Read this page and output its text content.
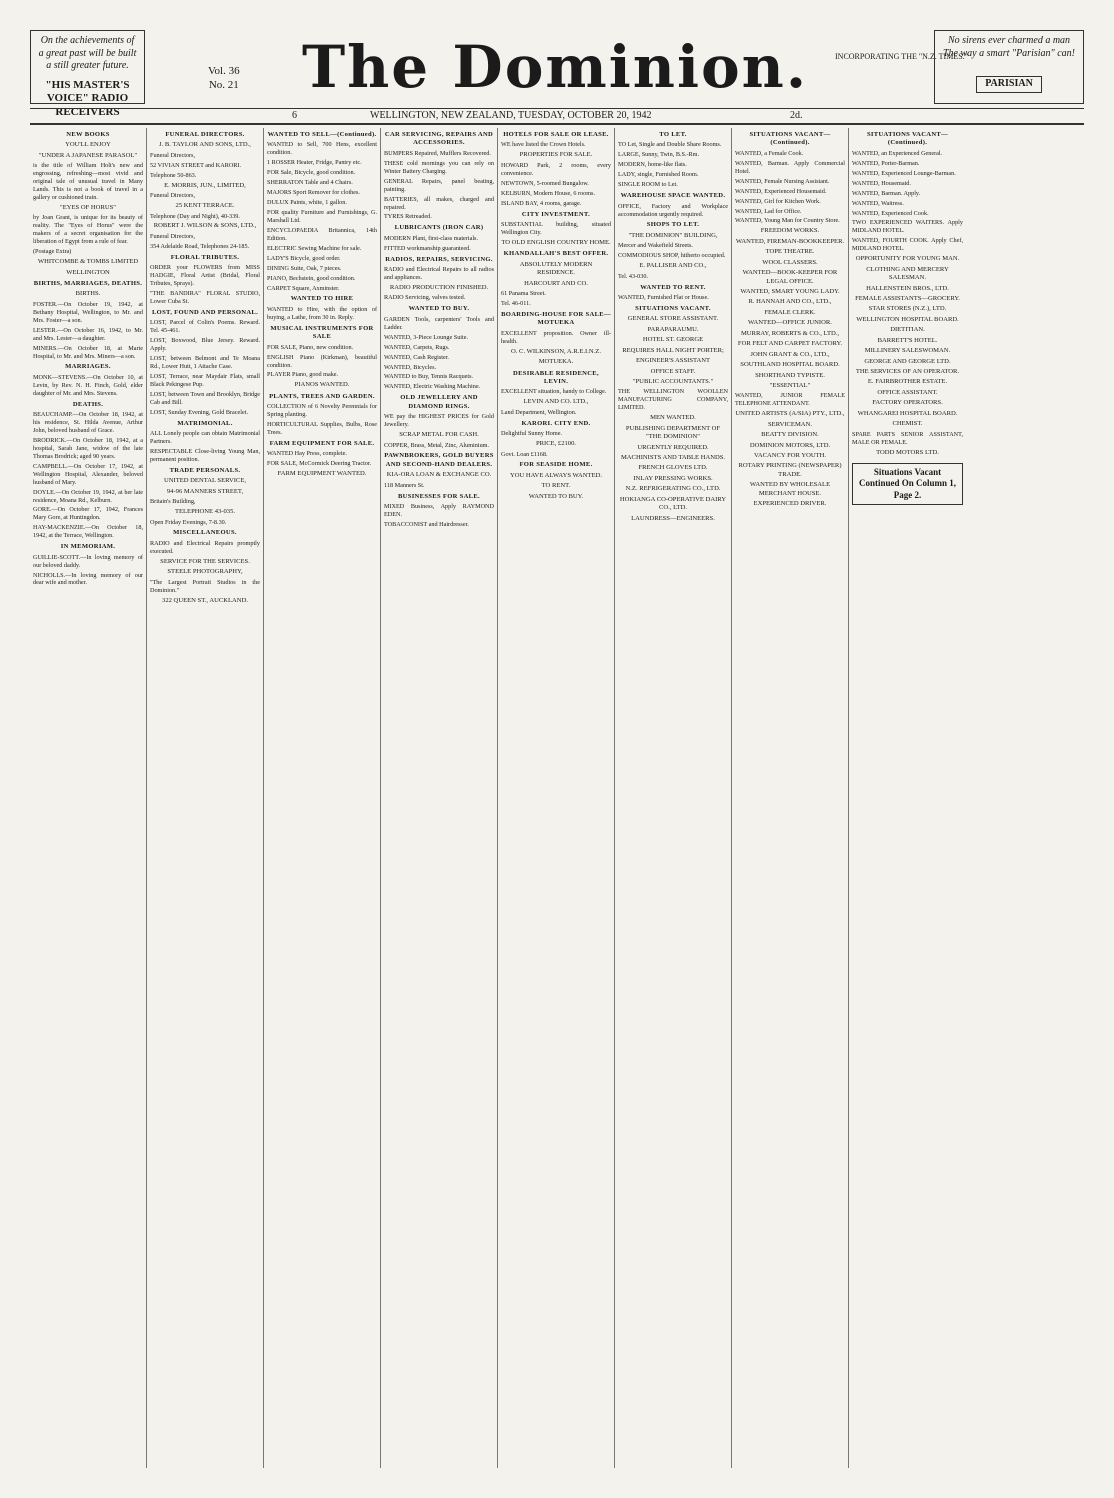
On the achievements of
a great past will be built
a still greater future.
"HIS MASTER'S VOICE" RADIO RECEIVERS
Vol. 36
No. 21 The Dominion.	INCORPORATING THE "N.Z. TIMES."
No sirens ever charmed a man
The way a smart "Parisian" can!
PARISIAN
6	WELLINGTON, NEW ZEALAND, TUESDAY, OCTOBER 20, 1942	2d.
NEW BOOKS
YOU'LL ENJOY
"UNDER A JAPANESE PARASOL"
is the title of William Holt's new and engrossing, refreshing—most vivid and original tale of unusual travel in Many Lands. This is not a book of travel in a gallery or cushioned train.
"EYES OF HORUS"
by Joan Grant, is unique for its beauty of reality. The "Eyes of Horus" were the makers of a secret organisation for the liberation of Egypt from a rule of fear.
(Postage Extra)
WHITCOMBE & TOMBS LIMITED
WELLINGTON
BIRTHS, MARRIAGES, DEATHS.
BIRTHS.
FOSTER.—On October 19, 1942, at Bethany Hospital, Wellington, to Mr. and Mrs. Foster—a son.
LESTER.—On October 16, 1942, to Mr. and Mrs. Lester—a daughter.
MINERS.—On October 18, at Marie Hospital, to Mr. and Mrs. Miners—a son.
MARRIAGES.
MONK—STEVENS.—On October 10, at Levin, by Rev. N. H. Finch, Gold, elder daughter of Mr. and Mrs. Stevens.
DEATHS.
BEAUCHAMP.—On October 18, 1942, at his residence, St. Hilda Avenue, Arthur John, beloved husband of Grace.
BRODRICK.—On October 18, 1942, at a hospital, Sarah Jane, widow of the late Thomas Brodrick; aged 90 years.
CAMPBELL.—On October 17, 1942, at Wellington Hospital, Alexander, beloved husband of Mary.
DOYLE.—On October 19, 1942, at her late residence, Moana Rd., Kelburn.
GORE.—On October 17, 1942, Frances Mary Gore, at Huntingdon.
HAY-MACKENZIE.—On October 18, 1942, at the Terrace, Wellington.
IN MEMORIAM.
GUILLIE-SCOTT.—In loving memory of our beloved daddy.
NICHOLLS.—In loving memory of our dear wife and mother.
FUNERAL DIRECTORS.
J. B. TAYLOR AND SONS, LTD.,
Funeral Directors,
52 VIVIAN STREET and KARORI.
Telephone 50-863.
E. MORRIS, JUN., LIMITED,
Funeral Directors,
25 KENT TERRACE.
Telephone (Day and Night), 40-339.
ROBERT J. WILSON & SONS, LTD.,
Funeral Directors,
354 Adelaide Road, Telephones 24-185.
FLORAL TRIBUTES.
ORDER your FLOWERS from MISS HADGIE, Floral Artist (Bridal, Floral Tributes, Sprays).
"THE BANDIRA" FLORAL STUDIO, Lower Cuba St.
LOST, FOUND AND PERSONAL.
LOST, Parcel of Colin's Poems. Reward. Tel. 45-461.
LOST, Boxwood, Blue Jersey. Reward. Apply.
LOST, between Belmont and Te Moana Rd., Lower Hutt, 1 Attache Case.
LOST, Terrace, near Maydair Flats, small Black Pekingese Pup.
LOST, between Town and Brooklyn, Bridge Cab and Bill.
LOST, Sunday Evening, Gold Bracelet.
MATRIMONIAL.
ALL Lonely people can obtain Matrimonial Partners.
RESPECTABLE Close-living Young Man, permanent position.
TRADE PERSONALS.
UNITED DENTAL SERVICE,
94-96 MANNERS STREET,
Britain's Building,
TELEPHONE 43-035.
Open Friday Evenings, 7-8.30.
MISCELLANEOUS.
RADIO and Electrical Repairs promptly executed.
SERVICE FOR THE SERVICES.
STEELE PHOTOGRAPHY,
"The Largest Portrait Studios in the Dominion."
322 QUEEN ST., AUCKLAND.
WANTED TO SELL—(Continued).
WANTED to Sell, 700 Hens, excellent condition.
1 ROSSER Heater, Fridge, Pantry etc.
FOR Sale, Bicycle, good condition.
SHERRATON Table and 4 Chairs.
MAJORS Sport Remover for clothes.
DULUX Paints, white, 1 gallon.
FOR quality Furniture and Furnishings, G. Marshall Ltd.
ENCYCLOPAEDIA Britannica, 14th Edition.
ELECTRIC Sewing Machine for sale.
LADY'S Bicycle, good order.
DINING Suite, Oak, 7 pieces.
PIANO, Bechstein, good condition.
CARPET Square, Axminster.
WANTED TO HIRE
WANTED to Hire, with the option of buying, a Lathe, from 30 in. Reply.
MUSICAL INSTRUMENTS FOR SALE
FOR SALE, Piano, new condition.
ENGLISH Piano (Kirkman), beautiful condition.
PLAYER Piano, good make.
PIANOS WANTED.
PLANTS, TREES AND GARDEN.
COLLECTION of 6 Novelty Perennials for Spring planting.
HORTICULTURAL Supplies, Bulbs, Rose Trees.
FARM EQUIPMENT FOR SALE.
WANTED Hay Press, complete.
FOR SALE, McCormick Deering Tractor.
FARM EQUIPMENT WANTED.
CAR SERVICING, REPAIRS AND ACCESSORIES.
BUMPERS Repaired, Mufflers Recovered.
THESE cold mornings you can rely on Winter Battery Charging.
GENERAL Repairs, panel beating, painting.
BATTERIES, all makes, charged and repaired.
TYRES Retreaded.
LUBRICANTS (IRON CAR)
MODERN Plant, first-class materials.
FITTED workmanship guaranteed.
RADIOS, REPAIRS, SERVICING.
RADIO and Electrical Repairs to all radios and appliances.
RADIO PRODUCTION FINISHED.
RADIO Servicing, valves tested.
WANTED TO BUY.
GARDEN Tools, carpenters' Tools and Ladder.
WANTED, 3-Piece Lounge Suite.
WANTED, Carpets, Rugs.
WANTED, Cash Register.
WANTED, Bicycles.
WANTED to Buy, Tennis Racquets.
WANTED, Electric Washing Machine.
OLD JEWELLERY AND DIAMOND RINGS.
WE pay the HIGHEST PRICES for Gold Jewellery.
SCRAP METAL FOR CASH.
COPPER, Brass, Metal, Zinc, Aluminium.
PAWNBROKERS, GOLD BUYERS AND SECOND-HAND DEALERS.
KIA-ORA LOAN & EXCHANGE CO.
118 Manners St.
BUSINESSES FOR SALE.
MIXED Business, Apply RAYMOND EDEN.
TOBACCONIST and Hairdresser.
HOTELS FOR SALE OR LEASE.
WE have listed the Crown Hotels.
PROPERTIES FOR SALE.
HOWARD Park, 2 rooms, every convenience.
NEWTOWN, 5-roomed Bungalow.
KELBURN, Modern House, 6 rooms.
ISLAND BAY, 4 rooms, garage.
CITY INVESTMENT.
SUBSTANTIAL building, situated Wellington City.
TO OLD ENGLISH COUNTRY HOME.
KHANDALLAH'S BEST OFFER.
ABSOLUTELY MODERN RESIDENCE.
HARCOURT AND CO.
61 Panama Street.
Tel. 46-011.
BOARDING-HOUSE FOR SALE—MOTUEKA
EXCELLENT proposition. Owner ill-health.
O. C. WILKINSON, A.R.E.I.N.Z.
MOTUEKA.
DESIRABLE RESIDENCE, LEVIN.
EXCELLENT situation, handy to College.
LEVIN AND CO. LTD.,
Land Department, Wellington.
KARORI. CITY END.
Delightful Sunny Home.
PRICE, £2100.
Govt. Loan £1168.
FOR SEASIDE HOME.
YOU HAVE ALWAYS WANTED.
TO RENT.
WANTED TO BUY.
TO LET.
TO Let, Single and Double Share Rooms.
LARGE, Sunny, Twin, B.S.-Rm.
MODERN, home-like flats.
LADY, single, Furnished Room.
SINGLE ROOM to Let.
WAREHOUSE SPACE WANTED.
OFFICE, Factory and Workplace accommodation urgently required.
SHOPS TO LET.
"THE DOMINION" BUILDING,
Mercer and Wakefield Streets.
COMMODIOUS SHOP, hitherto occupied.
E. PALLISER AND CO.,
Tel. 43-030.
WANTED TO RENT.
WANTED, Furnished Flat or House.
SITUATIONS VACANT.
GENERAL STORE ASSISTANT.
PARAPARAUMU.
HOTEL ST. GEORGE
REQUIRES HALL NIGHT PORTER;
ENGINEER'S ASSISTANT
OFFICE STAFF.
"PUBLIC ACCOUNTANTS."
THE WELLINGTON WOOLLEN MANUFACTURING COMPANY, LIMITED.
MEN WANTED.
PUBLISHING DEPARTMENT OF "THE DOMINION"
URGENTLY REQUIRED.
MACHINISTS AND TABLE HANDS.
FRENCH GLOVES LTD.
INLAY PRESSING WORKS.
N.Z. REFRIGERATING CO., LTD.
HOKIANGA CO-OPERATIVE DAIRY CO., LTD.
LAUNDRESS—ENGINEERS.
SITUATIONS VACANT—(Continued).
WANTED, a Female Cook.
WANTED, Barman. Apply Commercial Hotel.
WANTED, Female Nursing Assistant.
WANTED, Experienced Housemaid.
WANTED, Girl for Kitchen Work.
WANTED, Lad for Office.
WANTED, Young Man for Country Store.
FREEDOM WORKS.
WANTED, FIREMAN-BOOKKEEPER.
TOPE THEATRE.
WOOL CLASSERS.
WANTED—BOOK-KEEPER FOR LEGAL OFFICE.
WANTED, SMART YOUNG LADY.
R. HANNAH AND CO., LTD.,
FEMALE CLERK.
WANTED—OFFICE JUNIOR.
MURRAY, ROBERTS & CO., LTD.,
FOR FELT AND CARPET FACTORY.
JOHN GRANT & CO., LTD.,
SOUTHLAND HOSPITAL BOARD.
SHORTHAND TYPISTE.
"ESSENTIAL"
WANTED, JUNIOR FEMALE TELEPHONE ATTENDANT.
UNITED ARTISTS (A/SIA) PTY., LTD.,
SERVICEMAN.
BEATTY DIVISION.
DOMINION MOTORS, LTD.
VACANCY FOR YOUTH.
ROTARY PRINTING (NEWSPAPER) TRADE.
WANTED BY WHOLESALE MERCHANT HOUSE.
EXPERIENCED DRIVER.
SITUATIONS VACANT—(Continued).
WANTED, an Experienced General.
WANTED, Porter-Barman.
WANTED, Experienced Lounge-Barman.
WANTED, Housemaid.
WANTED, Barman. Apply.
WANTED, Waitress.
WANTED, Experienced Cook.
TWO EXPERIENCED WAITERS. Apply MIDLAND HOTEL.
WANTED, FOURTH COOK. Apply Chef, MIDLAND HOTEL.
OPPORTUNITY FOR YOUNG MAN.
CLOTHING AND MERCERY SALESMAN.
HALLENSTEIN BROS., LTD.
FEMALE ASSISTANTS—GROCERY.
STAR STORES (N.Z.), LTD.
WELLINGTON HOSPITAL BOARD.
DIETITIAN.
BARRETT'S HOTEL.
MILLINERY SALESWOMAN.
GEORGE AND GEORGE LTD.
THE SERVICES OF AN OPERATOR.
E. FAIRBROTHER ESTATE.
OFFICE ASSISTANT.
FACTORY OPERATORS.
WHANGAREI HOSPITAL BOARD.
CHEMIST.
SPARE PARTS SENIOR ASSISTANT, MALE OR FEMALE.
TODD MOTORS LTD.
Situations Vacant Continued On Column 1, Page 2.
